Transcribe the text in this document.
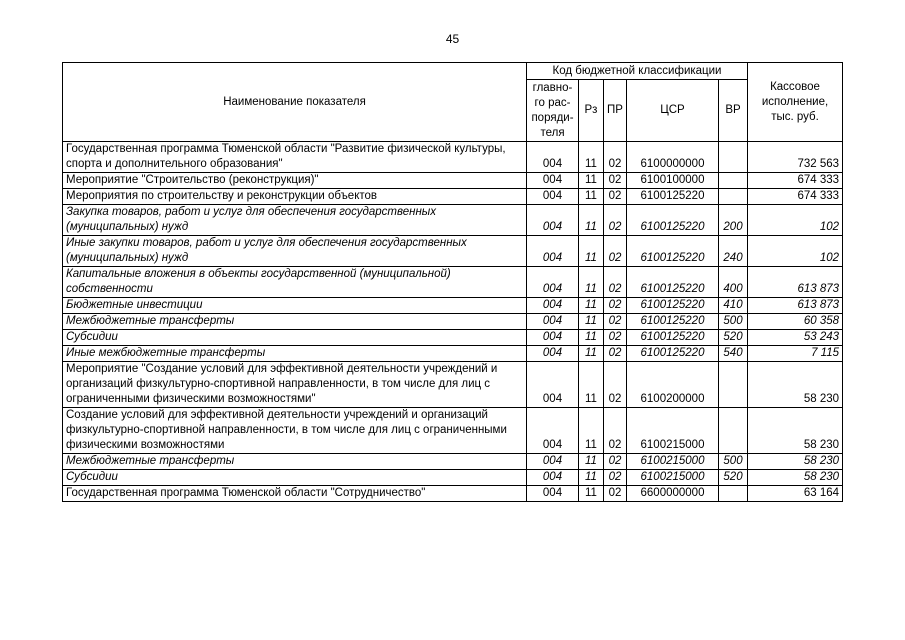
45
Наименование показателя	Код бюджетной классификации					Кассовое исполнение, тыс. руб.
	главно-го рас-поряди-теля	Рз	ПР	ЦСР	ВР	
Государственная программа Тюменской области "Развитие физической культуры, спорта и дополнительного образования"	004	11	02	6100000000		732 563
Мероприятие "Строительство (реконструкция)"	004	11	02	6100100000		674 333
Мероприятия по строительству и реконструкции объектов	004	11	02	6100125220		674 333
Закупка товаров, работ и услуг для обеспечения государственных (муниципальных) нужд	004	11	02	6100125220	200	102
Иные закупки товаров, работ и услуг для обеспечения государственных (муниципальных) нужд	004	11	02	6100125220	240	102
Капитальные вложения в объекты государственной (муниципальной) собственности	004	11	02	6100125220	400	613 873
Бюджетные инвестиции	004	11	02	6100125220	410	613 873
Межбюджетные трансферты	004	11	02	6100125220	500	60 358
Субсидии	004	11	02	6100125220	520	53 243
Иные межбюджетные трансферты	004	11	02	6100125220	540	7 115
Мероприятие "Создание условий для эффективной деятельности учреждений и организаций физкультурно-спортивной направленности, в том числе для лиц с ограниченными физическими возможностями"	004	11	02	6100200000		58 230
Создание условий для эффективной деятельности учреждений и организаций физкультурно-спортивной направленности, в том числе для лиц с ограниченными физическими возможностями	004	11	02	6100215000		58 230
Межбюджетные трансферты	004	11	02	6100215000	500	58 230
Субсидии	004	11	02	6100215000	520	58 230
Государственная программа Тюменской области "Сотрудничество"	004	11	02	6600000000		63 164
